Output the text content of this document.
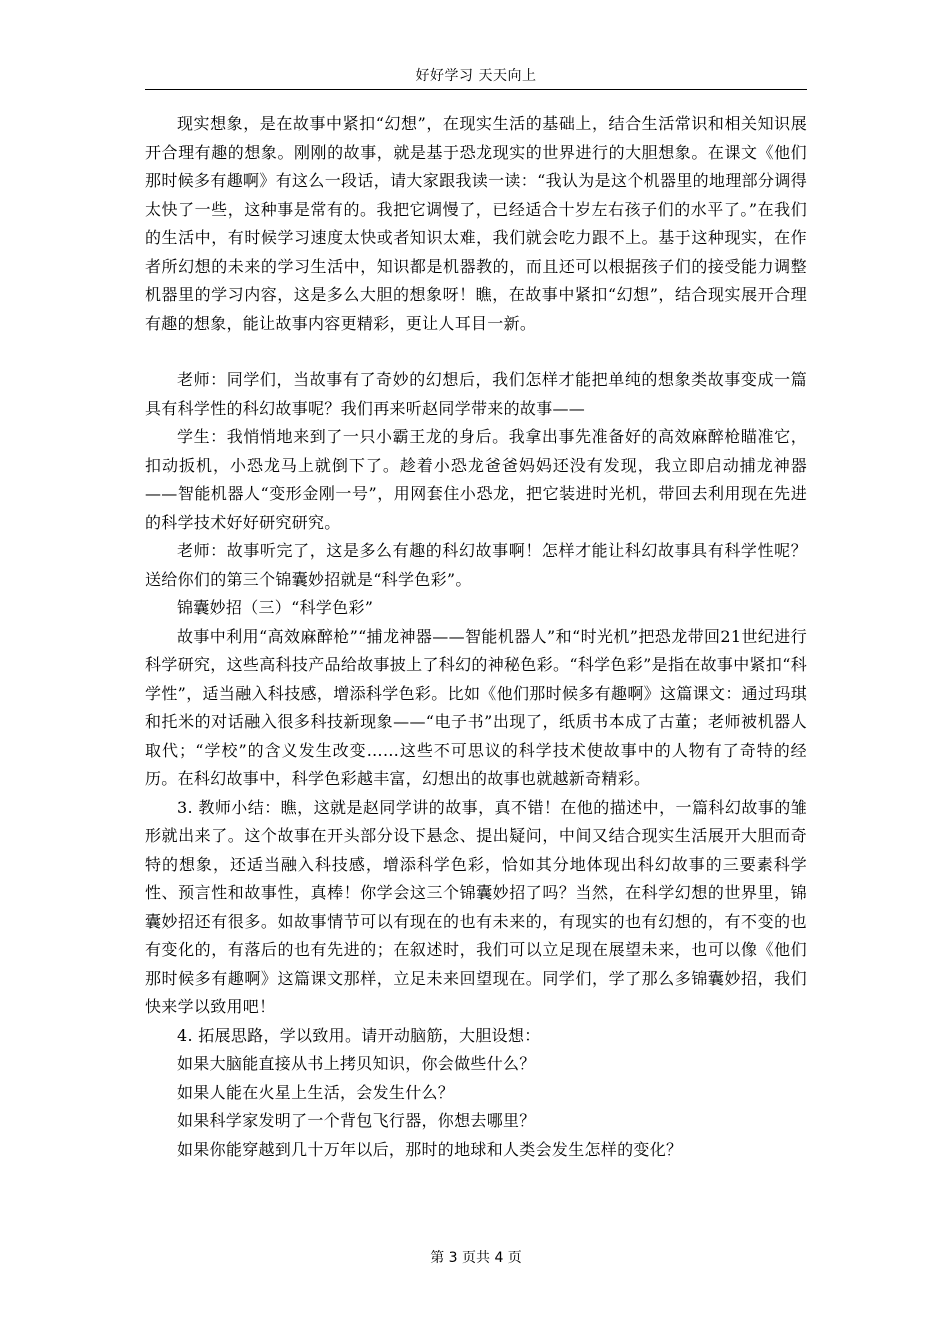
好好学习 天天向上

现实想象，是在故事中紧扣“幻想”，在现实生活的基础上，结合生活常识和相关知识展开合理有趣的想象。刚刚的故事，就是基于恐龙现实的世界进行的大胆想象。在课文《他们那时候多有趣啊》有这么一段话，请大家跟我读一读：“我认为是这个机器里的地理部分调得太快了一些，这种事是常有的。我把它调慢了，已经适合十岁左右孩子们的水平了。”在我们的生活中，有时候学习速度太快或者知识太难，我们就会吃力跟不上。基于这种现实，在作者所幻想的未来的学习生活中，知识都是机器教的，而且还可以根据孩子们的接受能力调整机器里的学习内容，这是多么大胆的想象呀！瞧，在故事中紧扣“幻想”，结合现实展开合理有趣的想象，能让故事内容更精彩，更让人耳目一新。

老师：同学们，当故事有了奇妙的幻想后，我们怎样才能把单纯的想象类故事变成一篇具有科学性的科幻故事呢？我们再来听赵同学带来的故事——

学生：我悄悄地来到了一只小霸王龙的身后。我拿出事先准备好的高效麻醉枪瞄准它，扣动扳机，小恐龙马上就倒下了。趁着小恐龙爸爸妈妈还没有发现，我立即启动捕龙神器——智能机器人“变形金刚一号”，用网套住小恐龙，把它装进时光机，带回去利用现在先进的科学技术好好研究研究。

老师：故事听完了，这是多么有趣的科幻故事啊！怎样才能让科幻故事具有科学性呢？送给你们的第三个锦囊妙招就是“科学色彩”。

锦囊妙招（三）“科学色彩”

故事中利用“高效麻醉枪”“捕龙神器——智能机器人”和“时光机”把恐龙带回21世纪进行科学研究，这些高科技产品给故事披上了科幻的神秘色彩。“科学色彩”是指在故事中紧扣“科学性”，适当融入科技感，增添科学色彩。比如《他们那时候多有趣啊》这篇课文：通过玛琪和托米的对话融入很多科技新现象——“电子书”出现了，纸质书本成了古董；老师被机器人取代；“学校”的含义发生改变……这些不可思议的科学技术使故事中的人物有了奇特的经历。在科幻故事中，科学色彩越丰富，幻想出的故事也就越新奇精彩。

3. 教师小结：瞧，这就是赵同学讲的故事，真不错！在他的描述中，一篇科幻故事的雏形就出来了。这个故事在开头部分设下悬念、提出疑问，中间又结合现实生活展开大胆而奇特的想象，还适当融入科技感，增添科学色彩，恰如其分地体现出科幻故事的三要素科学性、预言性和故事性，真棒！你学会这三个锦囊妙招了吗？当然，在科学幻想的世界里，锦囊妙招还有很多。如故事情节可以有现在的也有未来的，有现实的也有幻想的，有不变的也有变化的，有落后的也有先进的；在叙述时，我们可以立足现在展望未来，也可以像《他们那时候多有趣啊》这篇课文那样，立足未来回望现在。同学们，学了那么多锦囊妙招，我们快来学以致用吧！

4. 拓展思路，学以致用。请开动脑筋，大胆设想：

如果大脑能直接从书上拷贝知识，你会做些什么？

如果人能在火星上生活，会发生什么？

如果科学家发明了一个背包飞行器，你想去哪里？

如果你能穿越到几十万年以后，那时的地球和人类会发生怎样的变化？

第 3 页共 4 页
